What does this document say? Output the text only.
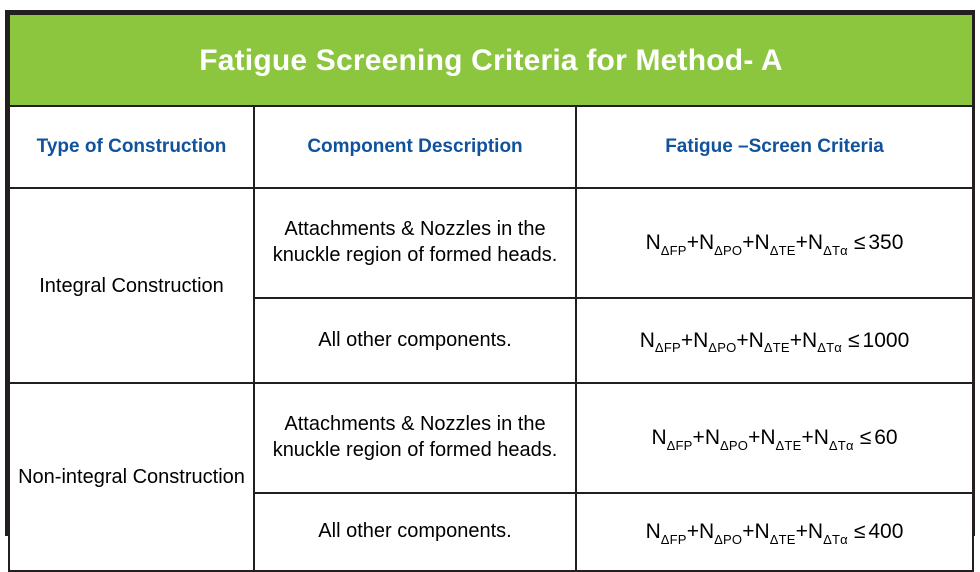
Fatigue Screening Criteria for Method- A		

Type of Construction	Component Description	Fatigue –Screen Criteria

Integral Construction	Attachments & Nozzles in the knuckle region of formed heads.	$N_{\Delta FP}+N_{\Delta PO}+N_{\Delta TE}+N_{\Delta T\alpha} \le 350$

	All other components.	$N_{\Delta FP}+N_{\Delta PO}+N_{\Delta TE}+N_{\Delta T\alpha} \le 1000$

Non-integral Construction	Attachments & Nozzles in the knuckle region of formed heads.	$N_{\Delta FP}+N_{\Delta PO}+N_{\Delta TE}+N_{\Delta T\alpha} \le 60$

	All other components.	$N_{\Delta FP}+N_{\Delta PO}+N_{\Delta TE}+N_{\Delta T\alpha} \le 400$
